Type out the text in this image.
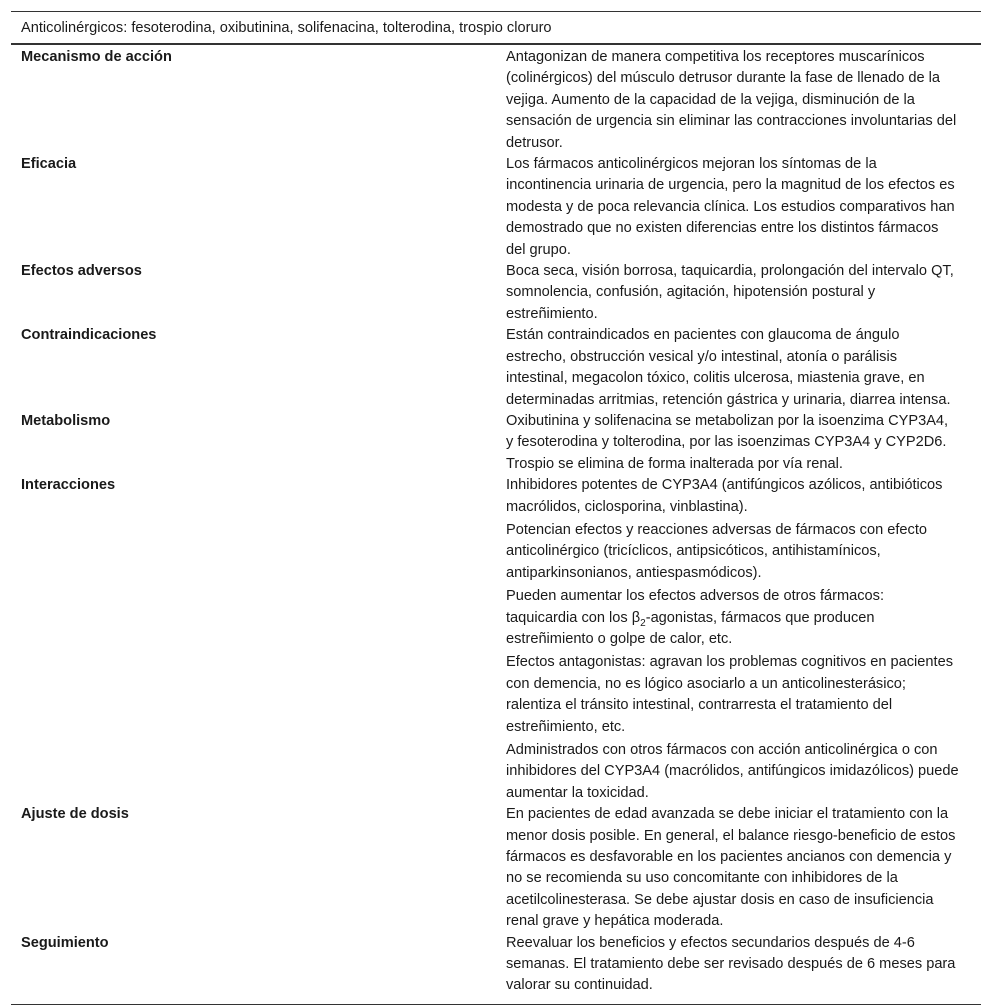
Anticolinérgicos: fesoterodina, oxibutinina, solifenacina, tolterodina, trospio cloruro	
Mecanismo de acción	Antagonizan de manera competitiva los receptores muscarínicos (colinérgicos) del músculo detrusor durante la fase de llenado de la vejiga. Aumento de la capacidad de la vejiga, disminución de la sensación de urgencia sin eliminar las contracciones involuntarias del detrusor.
Eficacia	Los fármacos anticolinérgicos mejoran los síntomas de la incontinencia urinaria de urgencia, pero la magnitud de los efectos es modesta y de poca relevancia clínica. Los estudios comparativos han demostrado que no existen diferencias entre los distintos fármacos del grupo.
Efectos adversos	Boca seca, visión borrosa, taquicardia, prolongación del intervalo QT, somnolencia, confusión, agitación, hipotensión postural y estreñimiento.
Contraindicaciones	Están contraindicados en pacientes con glaucoma de ángulo estrecho, obstrucción vesical y/o intestinal, atonía o parálisis intestinal, megacolon tóxico, colitis ulcerosa, miastenia grave, en determinadas arritmias, retención gástrica y urinaria, diarrea intensa.
Metabolismo	Oxibutinina y solifenacina se metabolizan por la isoenzima CYP3A4, y fesoterodina y tolterodina, por las isoenzimas CYP3A4 y CYP2D6. Trospio se elimina de forma inalterada por vía renal.
Interacciones	Inhibidores potentes de CYP3A4 (antifúngicos azólicos, antibióticos macrólidos, ciclosporina, vinblastina).
Potencian efectos y reacciones adversas de fármacos con efecto anticolinérgico (tricíclicos, antipsicóticos, antihistamínicos, antiparkinsonianos, antiespasmódicos).
Pueden aumentar los efectos adversos de otros fármacos: taquicardia con los $\beta_2$-agonistas, fármacos que producen estreñimiento o golpe de calor, etc.
Efectos antagonistas: agravan los problemas cognitivos en pacientes con demencia, no es lógico asociarlo a un anticolinesterásico; ralentiza el tránsito intestinal, contrarresta el tratamiento del estreñimiento, etc.
Administrados con otros fármacos con acción anticolinérgica o con inhibidores del CYP3A4 (macrólidos, antifúngicos imidazólicos) puede aumentar la toxicidad.

Ajuste de dosis	En pacientes de edad avanzada se debe iniciar el tratamiento con la menor dosis posible. En general, el balance riesgo-beneficio de estos fármacos es desfavorable en los pacientes ancianos con demencia y no se recomienda su uso concomitante con inhibidores de la acetilcolinesterasa. Se debe ajustar dosis en caso de insuficiencia renal grave y hepática moderada.
Seguimiento	Reevaluar los beneficios y efectos secundarios después de 4-6 semanas. El tratamiento debe ser revisado después de 6 meses para valorar su continuidad.
